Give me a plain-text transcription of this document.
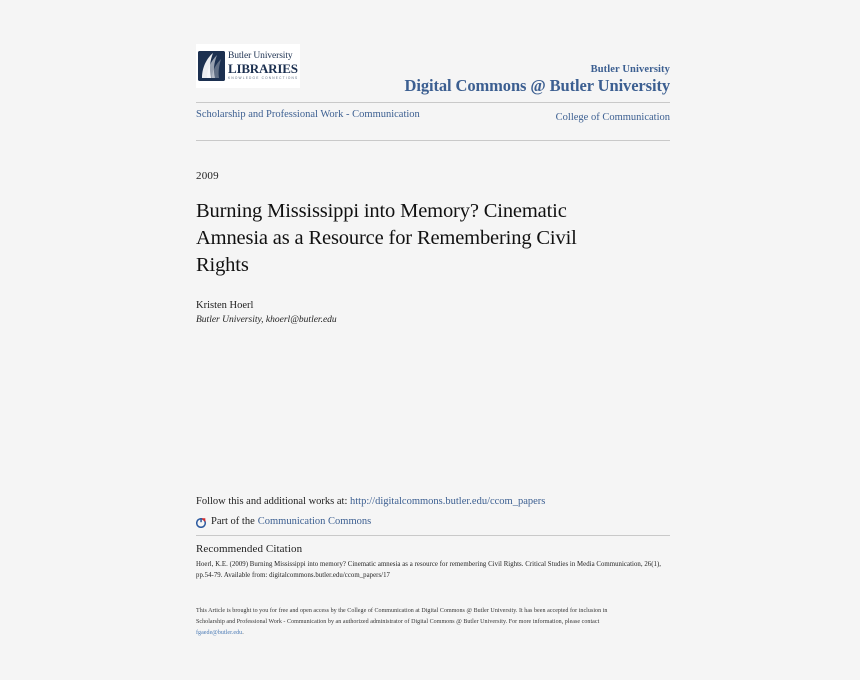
Butler University
LIBRARIES
KNOWLEDGE CONNECTIONS
Butler University
Digital Commons @ Butler University
Scholarship and Professional Work - Communication	College of Communication
2009
Burning Mississippi into Memory? Cinematic Amnesia as a Resource for Remembering Civil Rights
Kristen Hoerl
Butler University, khoerl@butler.edu
Follow this and additional works at: http://digitalcommons.butler.edu/ccom_papers
Part of the Communication Commons
Recommended Citation
Hoerl, K.E. (2009) Burning Mississippi into memory? Cinematic amnesia as a resource for remembering Civil Rights. Critical Studies in Media Communication, 26(1), pp.54-79. Available from: digitalcommons.butler.edu/ccom_papers/17
This Article is brought to you for free and open access by the College of Communication at Digital Commons @ Butler University. It has been accepted for inclusion in Scholarship and Professional Work - Communication by an authorized administrator of Digital Commons @ Butler University. For more information, please contact fgaede@butler.edu.
